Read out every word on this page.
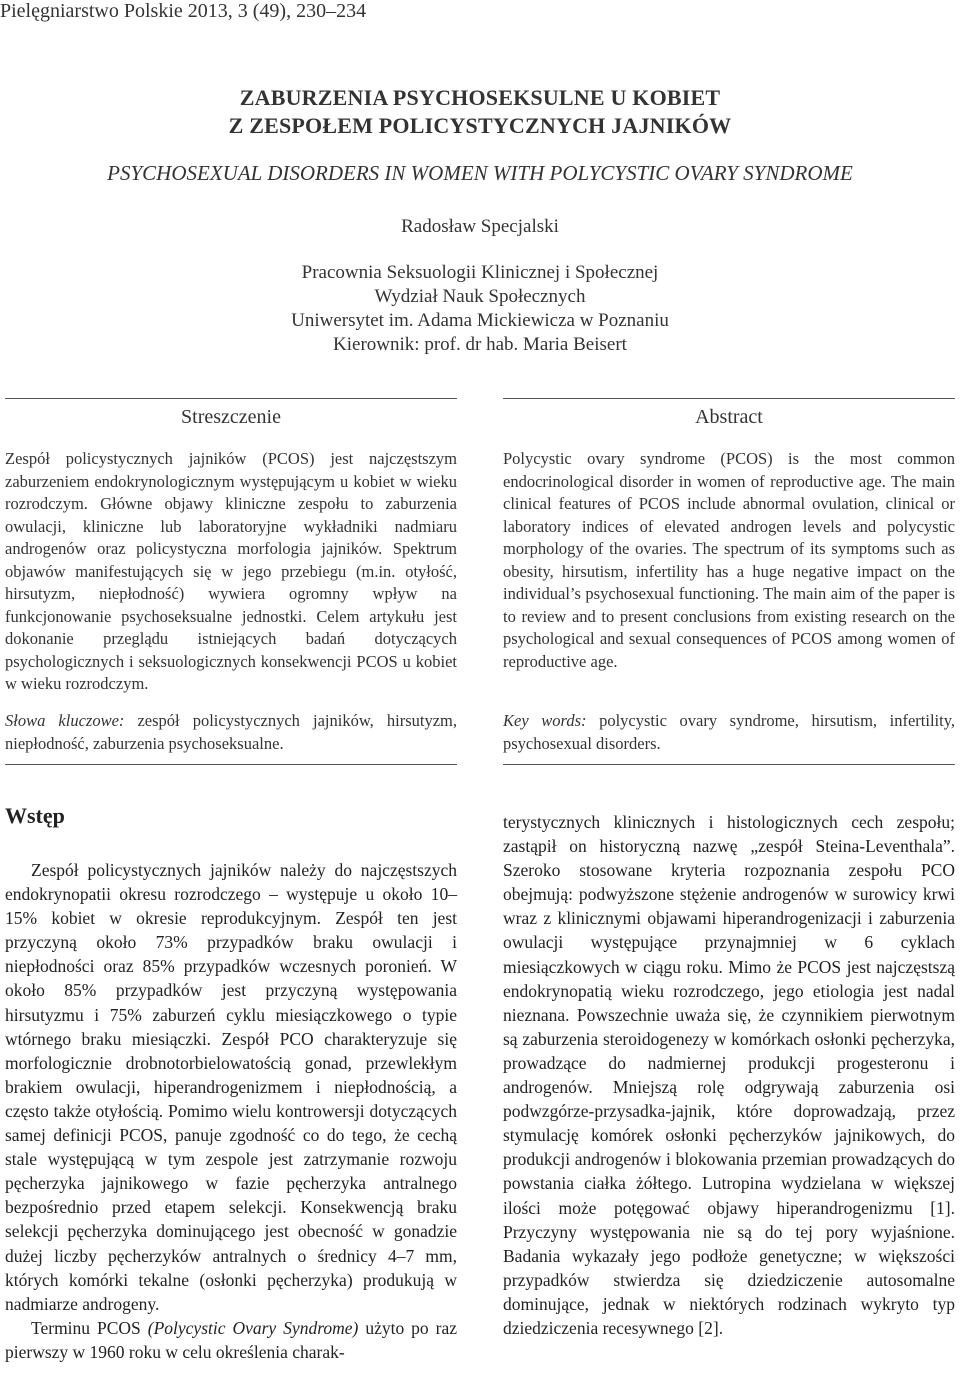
Pielęgniarstwo Polskie 2013, 3 (49), 230–234
ZABURZENIA PSYCHOSEKSULNE U KOBIET
Z ZESPOŁEM POLICYSTYCZNYCH JAJNIKÓW
PSYCHOSEXUAL DISORDERS IN WOMEN WITH POLYCYSTIC OVARY SYNDROME
Radosław Specjalski
Pracownia Seksuologii Klinicznej i Społecznej
Wydział Nauk Społecznych
Uniwersytet im. Adama Mickiewicza w Poznaniu
Kierownik: prof. dr hab. Maria Beisert
Streszczenie
Zespół policystycznych jajników (PCOS) jest najczęstszym zaburzeniem endokrynologicznym występującym u kobiet w wieku rozrodczym. Główne objawy kliniczne zespołu to zaburzenia owulacji, kliniczne lub laboratoryjne wykładniki nadmiaru androgenów oraz policystyczna morfologia jajników. Spektrum objawów manifestujących się w jego przebiegu (m.in. otyłość, hirsutyzm, niepłodność) wywiera ogromny wpływ na funkcjonowanie psychoseksualne jednostki. Celem artykułu jest dokonanie przeglądu istniejących badań dotyczących psychologicznych i seksuologicznych konsekwencji PCOS u kobiet w wieku rozrodczym.
Słowa kluczowe: zespół policystycznych jajników, hirsutyzm, niepłodność, zaburzenia psychoseksualne.
Abstract
Polycystic ovary syndrome (PCOS) is the most common endocrinological disorder in women of reproductive age. The main clinical features of PCOS include abnormal ovulation, clinical or laboratory indices of elevated androgen levels and polycystic morphology of the ovaries. The spectrum of its symptoms such as obesity, hirsutism, infertility has a huge negative impact on the individual’s psychosexual functioning. The main aim of the paper is to review and to present conclusions from existing research on the psychological and sexual consequences of PCOS among women of reproductive age.
Key words: polycystic ovary syndrome, hirsutism, infertility, psychosexual disorders.
Wstęp

Zespół policystycznych jajników należy do najczęstszych endokrynopatii okresu rozrodczego – występuje u około 10–15% kobiet w okresie reprodukcyjnym. Zespół ten jest przyczyną około 73% przypadków braku owulacji i niepłodności oraz 85% przypadków wczesnych poronień. W około 85% przypadków jest przyczyną występowania hirsutyzmu i 75% zaburzeń cyklu miesiączkowego o typie wtórnego braku miesiączki. Zespół PCO charakteryzuje się morfologicznie drobnotorbielowatością gonad, przewlekłym brakiem owulacji, hiperandrogenizmem i niepłodnością, a często także otyłością. Pomimo wielu kontrowersji dotyczących samej definicji PCOS, panuje zgodność co do tego, że cechą stale występującą w tym zespole jest zatrzymanie rozwoju pęcherzyka jajnikowego w fazie pęcherzyka antralnego bezpośrednio przed etapem selekcji. Konsekwencją braku selekcji pęcherzyka dominującego jest obecność w gonadzie dużej liczby pęcherzyków antralnych o średnicy 4–7 mm, których komórki tekalne (osłonki pęcherzyka) produkują w nadmiarze androgeny.

Terminu PCOS (Polycystic Ovary Syndrome) użyto po raz pierwszy w 1960 roku w celu określenia charak-

terystycznych klinicznych i histologicznych cech zespołu; zastąpił on historyczną nazwę „zespół Steina-Leventhala”. Szeroko stosowane kryteria rozpoznania zespołu PCO obejmują: podwyższone stężenie androgenów w surowicy krwi wraz z klinicznymi objawami hiperandrogenizacji i zaburzenia owulacji występujące przynajmniej w 6 cyklach miesiączkowych w ciągu roku. Mimo że PCOS jest najczęstszą endokrynopatią wieku rozrodczego, jego etiologia jest nadal nieznana. Powszechnie uważa się, że czynnikiem pierwotnym są zaburzenia steroidogenezy w komórkach osłonki pęcherzyka, prowadzące do nadmiernej produkcji progesteronu i androgenów. Mniejszą rolę odgrywają zaburzenia osi podwzgórze-przysadka-jajnik, które doprowadzają, przez stymulację komórek osłonki pęcherzyków jajnikowych, do produkcji androgenów i blokowania przemian prowadzących do powstania ciałka żółtego. Lutropina wydzielana w większej ilości może potęgować objawy hiperandrogenizmu [1]. Przyczyny występowania nie są do tej pory wyjaśnione. Badania wykazały jego podłoże genetyczne; w większości przypadków stwierdza się dziedziczenie autosomalne dominujące, jednak w niektórych rodzinach wykryto typ dziedziczenia recesywnego [2].
